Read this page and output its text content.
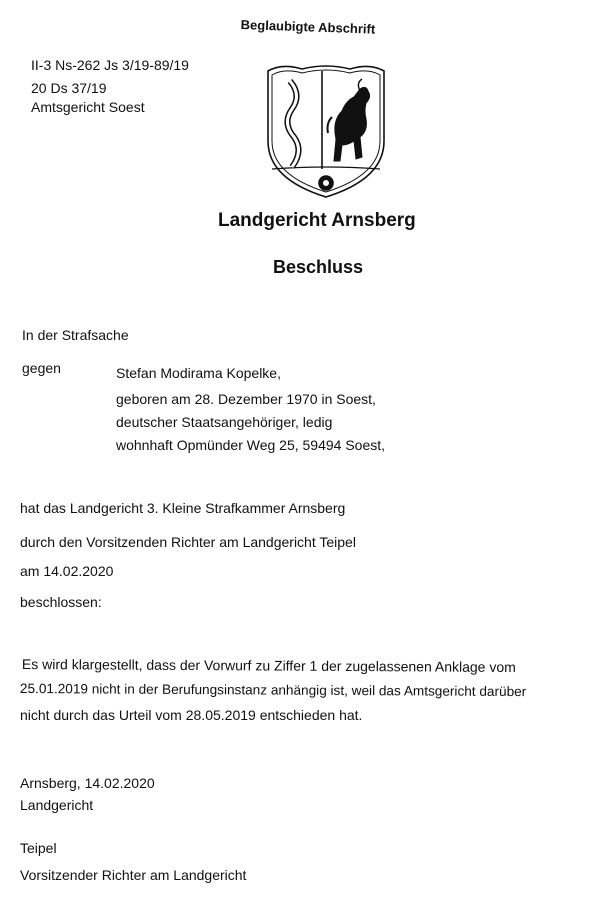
Beglaubigte Abschrift
II-3 Ns-262 Js 3/19-89/19
20 Ds 37/19
Amtsgericht Soest
Landgericht Arnsberg
Beschluss
In der Strafsache
gegen	Stefan Modirama Kopelke,
geboren am 28. Dezember 1970 in Soest,
deutscher Staatsangehöriger, ledig
wohnhaft Opmünder Weg 25, 59494 Soest,
hat das Landgericht 3. Kleine Strafkammer Arnsberg
durch den Vorsitzenden Richter am Landgericht Teipel
am 14.02.2020
beschlossen:
Es wird klargestellt, dass der Vorwurf zu Ziffer 1 der zugelassenen Anklage vom
25.01.2019 nicht in der Berufungsinstanz anhängig ist, weil das Amtsgericht darüber
nicht durch das Urteil vom 28.05.2019 entschieden hat.
Arnsberg, 14.02.2020
Landgericht
Teipel
Vorsitzender Richter am Landgericht
